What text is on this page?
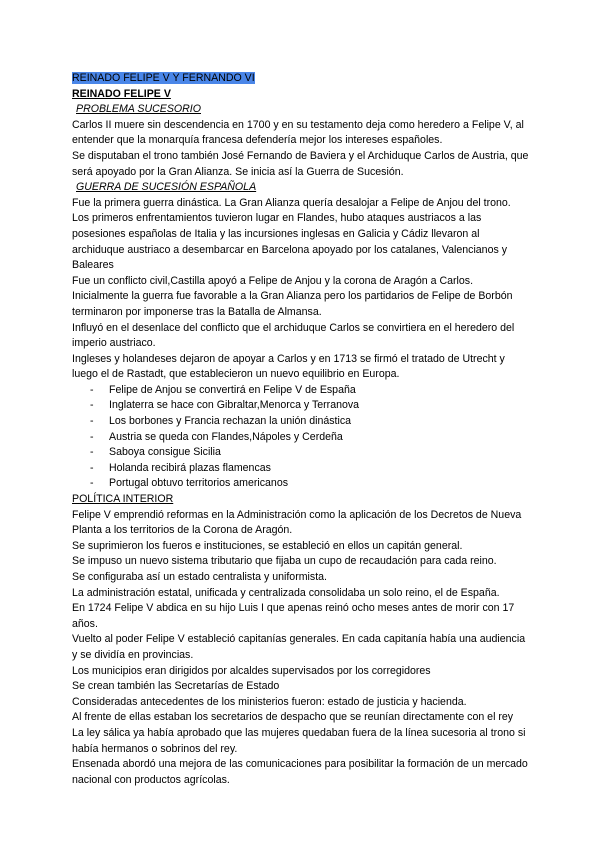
REINADO FELIPE V Y FERNANDO VI
REINADO FELIPE V
PROBLEMA SUCESORIO

Carlos II muere sin descendencia en 1700 y en su testamento deja como heredero a Felipe V, al entender que la monarquía francesa defendería mejor los intereses españoles.

Se disputaban el trono también José Fernando de Baviera y el Archiduque Carlos de Austria, que será apoyado por la Gran Alianza. Se inicia así la Guerra de Sucesión.

GUERRA DE SUCESIÓN ESPAÑOLA

Fue la primera guerra dinástica. La Gran Alianza quería desalojar a Felipe de Anjou del trono.

Los primeros enfrentamientos tuvieron lugar en Flandes, hubo ataques austriacos a las posesiones españolas de Italia y las incursiones inglesas en Galicia y Cádiz llevaron al archiduque austriaco a desembarcar en Barcelona apoyado por los catalanes, Valencianos y Baleares

Fue un conflicto civil,Castilla apoyó a Felipe de Anjou y la corona de Aragón a Carlos.

Inicialmente la guerra fue favorable a la Gran Alianza pero los partidarios de Felipe de Borbón terminaron por imponerse tras la Batalla de Almansa.

Influyó en el desenlace del conflicto que el archiduque Carlos se convirtiera en el heredero del imperio austriaco.

Ingleses y holandeses dejaron de apoyar a Carlos y en 1713 se firmó el tratado de Utrecht y luego el de Rastadt, que establecieron un nuevo equilibrio en Europa.

- Felipe de Anjou se convertirá en Felipe V de España
- Inglaterra se hace con Gibraltar,Menorca y Terranova
- Los borbones y Francia rechazan la unión dinástica
- Austria se queda con Flandes,Nápoles y Cerdeña
- Saboya consigue Sicilia
- Holanda recibirá plazas flamencas
- Portugal obtuvo territorios americanos
POLÍTICA INTERIOR

Felipe V emprendió reformas en la Administración como la aplicación de los Decretos de Nueva Planta a los territorios de la Corona de Aragón.

Se suprimieron los fueros e instituciones, se estableció en ellos un capitán general.

Se impuso un nuevo sistema tributario que fijaba un cupo de recaudación para cada reino.

Se configuraba así un estado centralista y uniformista.

La administración estatal, unificada y centralizada consolidaba un solo reino, el de España.

En 1724 Felipe V abdica en su hijo Luis I que apenas reinó ocho meses antes de morir con 17 años.

Vuelto al poder Felipe V estableció capitanías generales. En cada capitanía había una audiencia y se dividía en provincias.

Los municipios eran dirigidos por alcaldes supervisados por los corregidores

Se crean también las Secretarías de Estado

Consideradas antecedentes de los ministerios fueron: estado de justicia y hacienda.

Al frente de ellas estaban los secretarios de despacho que se reunían directamente con el rey

La ley sálica ya había aprobado que las mujeres quedaban fuera de la línea sucesoria al trono si había hermanos o sobrinos del rey.

Ensenada abordó una mejora de las comunicaciones para posibilitar la formación de un mercado nacional con productos agrícolas.
